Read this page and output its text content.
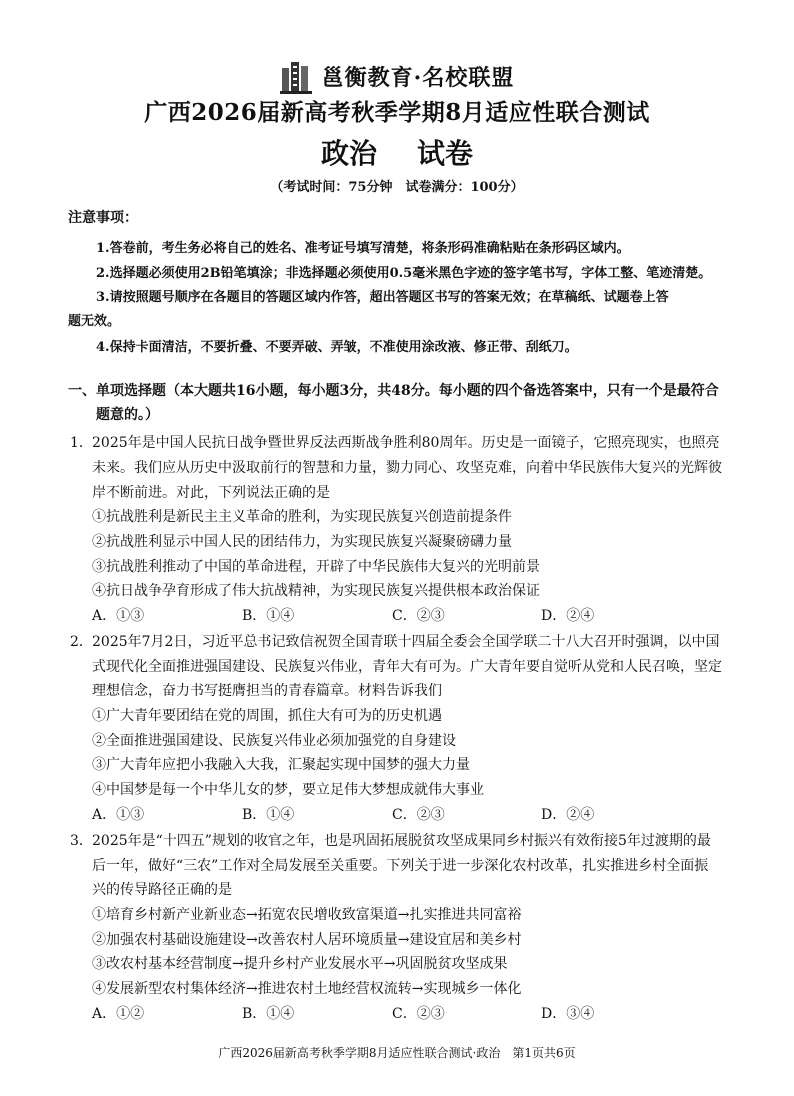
邕衡教育·名校联盟
广西2026届新高考秋季学期8月适应性联合测试
政治 试卷
（考试时间：75分钟　试卷满分：100分）
注意事项：
1.答卷前，考生务必将自己的姓名、准考证号填写清楚，将条形码准确粘贴在条形码区域内。
2.选择题必须使用2B铅笔填涂；非选择题必须使用0.5毫米黑色字迹的签字笔书写，字体工整、笔迹清楚。
3.请按照题号顺序在各题目的答题区域内作答，超出答题区书写的答案无效；在草稿纸、试题卷上答
题无效。
4.保持卡面清洁，不要折叠、不要弄破、弄皱，不准使用涂改液、修正带、刮纸刀。
一、单项选择题（本大题共16小题，每小题3分，共48分。每小题的四个备选答案中，只有一个是最符合
题意的。）
1． 2025年是中国人民抗日战争暨世界反法西斯战争胜利80周年。历史是一面镜子，它照亮现实，也照亮
未来。我们应从历史中汲取前行的智慧和力量，勠力同心、攻坚克难，向着中华民族伟大复兴的光辉彼
岸不断前进。对此，下列说法正确的是
①抗战胜利是新民主主义革命的胜利，为实现民族复兴创造前提条件
②抗战胜利显示中国人民的团结伟力，为实现民族复兴凝聚磅礴力量
③抗战胜利推动了中国的革命进程，开辟了中华民族伟大复兴的光明前景
④抗日战争孕育形成了伟大抗战精神，为实现民族复兴提供根本政治保证
A．①③	B．①④	C．②③	D．②④
2． 2025年7月2日，习近平总书记致信祝贺全国青联十四届全委会全国学联二十八大召开时强调，以中国
式现代化全面推进强国建设、民族复兴伟业，青年大有可为。广大青年要自觉听从党和人民召唤，坚定
理想信念，奋力书写挺膺担当的青春篇章。材料告诉我们
①广大青年要团结在党的周围，抓住大有可为的历史机遇
②全面推进强国建设、民族复兴伟业必须加强党的自身建设
③广大青年应把小我融入大我，汇聚起实现中国梦的强大力量
④中国梦是每一个中华儿女的梦，要立足伟大梦想成就伟大事业
A．①③	B．①④	C．②③	D．②④
3． 2025年是“十四五”规划的收官之年，也是巩固拓展脱贫攻坚成果同乡村振兴有效衔接5年过渡期的最
后一年，做好“三农”工作对全局发展至关重要。下列关于进一步深化农村改革，扎实推进乡村全面振
兴的传导路径正确的是
①培育乡村新产业新业态→拓宽农民增收致富渠道→扎实推进共同富裕
②加强农村基础设施建设→改善农村人居环境质量→建设宜居和美乡村
③改农村基本经营制度→提升乡村产业发展水平→巩固脱贫攻坚成果
④发展新型农村集体经济→推进农村土地经营权流转→实现城乡一体化
A．①②	B．①④	C．②③	D．③④
广西2026届新高考秋季学期8月适应性联合测试·政治　第1页共6页
